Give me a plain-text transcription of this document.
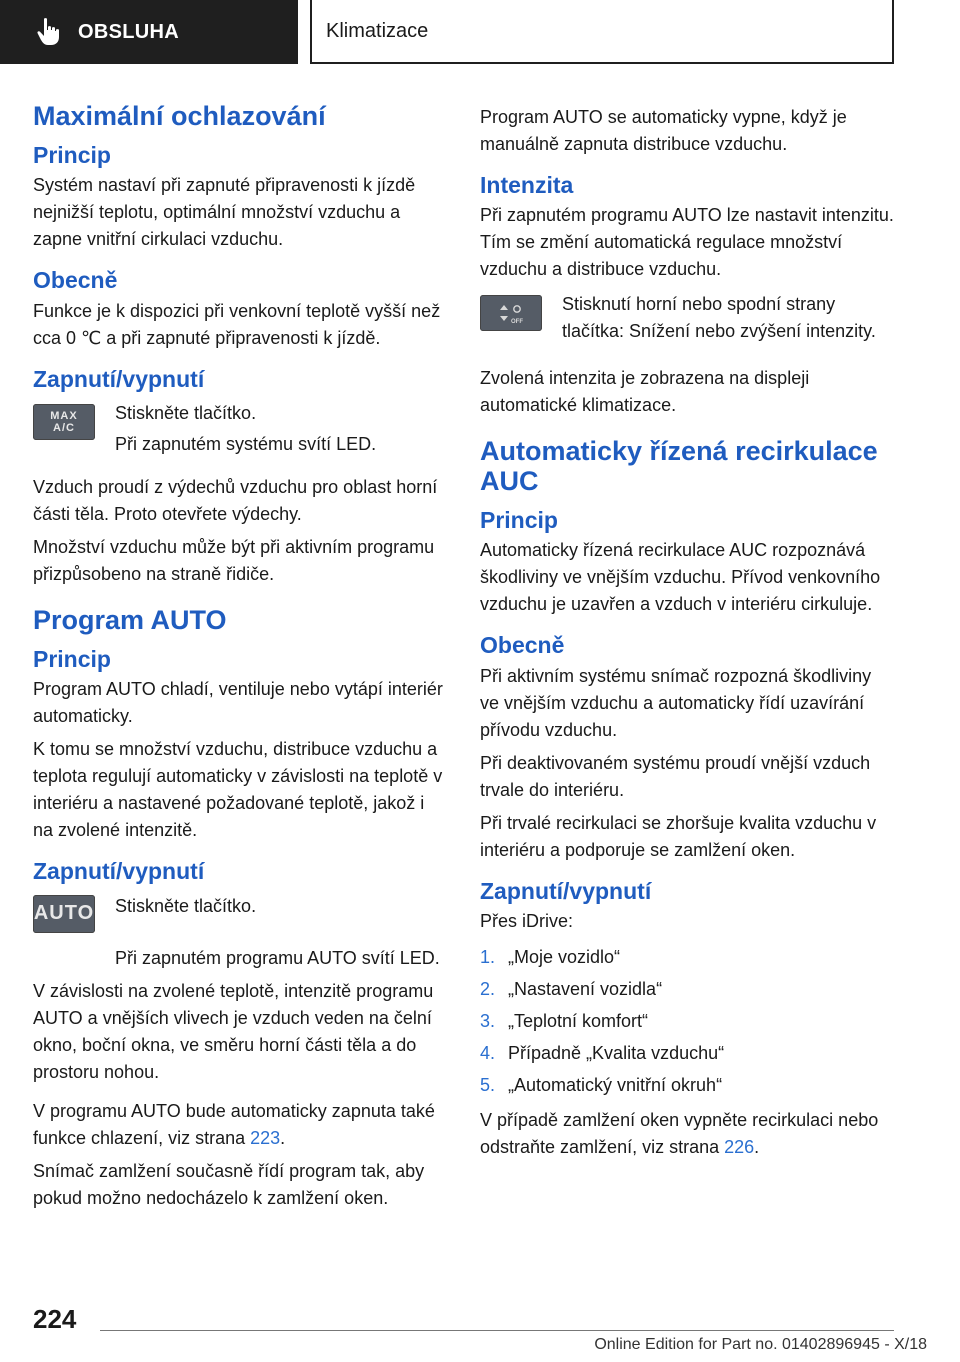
OBSLUHA	Klimatizace
Maximální ochlazování
Princip

Systém nastaví při zapnuté připravenosti k jízdě nejnižší teplotu, optimální množství vzduchu a zapne vnitřní cirkulaci vzduchu.

Obecně

Funkce je k dispozici při venkovní teplotě vyšší než cca 0 ℃ a při zapnuté připravenosti k jízdě.

Zapnutí/vypnutí
MAX
A/C

Stiskněte tlačítko.

Při zapnutém systému svítí LED.

Vzduch proudí z výdechů vzduchu pro oblast horní části těla. Proto otevřete výdechy.

Množství vzduchu může být při aktivním programu přizpůsobeno na straně řidiče.

Program AUTO
Princip

Program AUTO chladí, ventiluje nebo vytápí interiér automaticky.

K tomu se množství vzduchu, distribuce vzduchu a teplota regulují automaticky v závislosti na teplotě v interiéru a nastavené požadované teplotě, jakož i na zvolené intenzitě.

Zapnutí/vypnutí
AUTO Stiskněte tlačítko.

Při zapnutém programu AUTO svítí LED.

V závislosti na zvolené teplotě, intenzitě programu AUTO a vnějších vlivech je vzduch veden na čelní okno, boční okna, ve směru horní části těla a do prostoru nohou.

V programu AUTO bude automaticky zapnuta také funkce chlazení, viz strana 223.

Snímač zamlžení současně řídí program tak, aby pokud možno nedocházelo k zamlžení oken.

Program AUTO se automaticky vypne, když je manuálně zapnuta distribuce vzduchu.

Intenzita

Při zapnutém programu AUTO lze nastavit intenzitu. Tím se změní automatická regulace množství vzduchu a distribuce vzduchu.

OFF

Stisknutí horní nebo spodní strany tlačítka: Snížení nebo zvýšení intenzity.

Zvolená intenzita je zobrazena na displeji automatické klimatizace.

Automaticky řízená recirkulace AUC
Princip

Automaticky řízená recirkulace AUC rozpoznává škodliviny ve vnějším vzduchu. Přívod venkovního vzduchu je uzavřen a vzduch v interiéru cirkuluje.

Obecně

Při aktivním systému snímač rozpozná škodliviny ve vnějším vzduchu a automaticky řídí uzavírání přívodu vzduchu.

Při deaktivovaném systému proudí vnější vzduch trvale do interiéru.

Při trvalé recirkulaci se zhoršuje kvalita vzduchu v interiéru a podporuje se zamlžení oken.

Zapnutí/vypnutí

Přes iDrive:

1. „Moje vozidlo“
2. „Nastavení vozidla“
3. „Teplotní komfort“
4. Případně „Kvalita vzduchu“
5. „Automatický vnitřní okruh“

V případě zamlžení oken vypněte recirkulaci nebo odstraňte zamlžení, viz strana 226.

224
Online Edition for Part no. 01402896945 - X/18
